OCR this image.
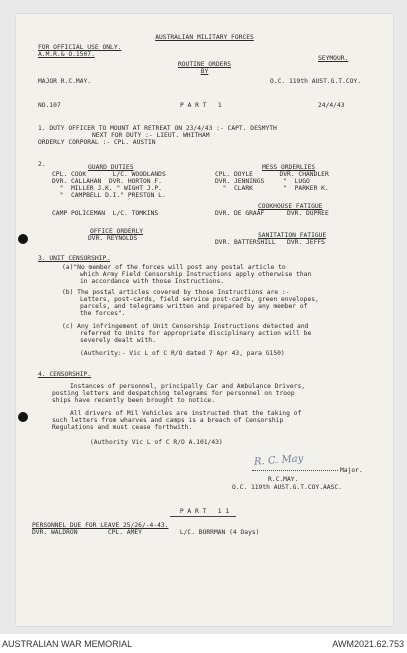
AUSTRALIAN MILITARY FORCES
FOR OFFICIAL USE ONLY.
A.M.R.& O.1507.
SEYMOUR.
ROUTINE ORDERS
BY
MAJOR R.C.MAY.	O.C. 119th AUST.G.T.COY.
NO.107	P A R T   1	24/4/43
1. DUTY OFFICER TO MOUNT AT RETREAT ON 23/4/43 :- CAPT. DESMYTH
NEXT FOR DUTY :- LIEUT. WHITHAM
ORDERLY CORPORAL :- CPL. AUSTIN
2.	GUARD DUTIES
CPL. COOK       L/C. WOODLANDS
DVR. CALLAHAN  DVR. HORTON F.
"  MILLER J.K. " WIGHT J.P.
"  CAMPBELL D.I." PRESTON L.
MESS ORDERLIES
CPL. DOYLE       DVR. CHANDLER
DVR. JENNINGS     "  LUGO
"  CLARK        "  PARKER K.
CAMP POLICEMAN  L/C. TOMKINS
COOKHOUSE FATIGUE
DVR. DE GRAAF      DVR. DUPREE
OFFICE ORDERLY
DVR. REYNOLDS	SANITATION FATIGUE
DVR. BATTERSHILL   DVR. JEFFS
3. UNIT CENSORSHIP.
(a)"No member of the forces will post any postal article to
which Army Field Censorship Instructions apply otherwise than
in accordance with those Instructions.
(b) The postal articles covered by those Instructions are :-
Letters, post-cards, field service post-cards, green envelopes,
parcels, and telegrams written and prepared by any member of
the forces".
(c) Any infringement of Unit Censorship Instructions detected and
referred to Units for appropriate disciplinary action will be
severely dealt with.
(Authority:- Vic L of C R/O dated 7 Apr 43, para G150)
4. CENSORSHIP.
Instances of personnel, principally Car and Ambulance Drivers,
posting letters and despatching telegrams for personnel on troop
ships have recently been brought to notice.
All drivers of Mil Vehicles are instructed that the taking of
such letters from wharves and camps is a breach of Censorship
Regulations and must cease forthwith.
(Authority Vic L of C R/O A.101/43)
R. C. May
Major.
R.C.MAY.
O.C. 119th AUST.G.T.COY.AASC.
P A R T   1 1
PERSONNEL DUE FOR LEAVE 25/26/-4-43.
DVR. WALDRON        CPL. AMEY          L/C. BORRMAN (4 Days)
AUSTRALIAN WAR MEMORIAL	AWM2021.62.753
